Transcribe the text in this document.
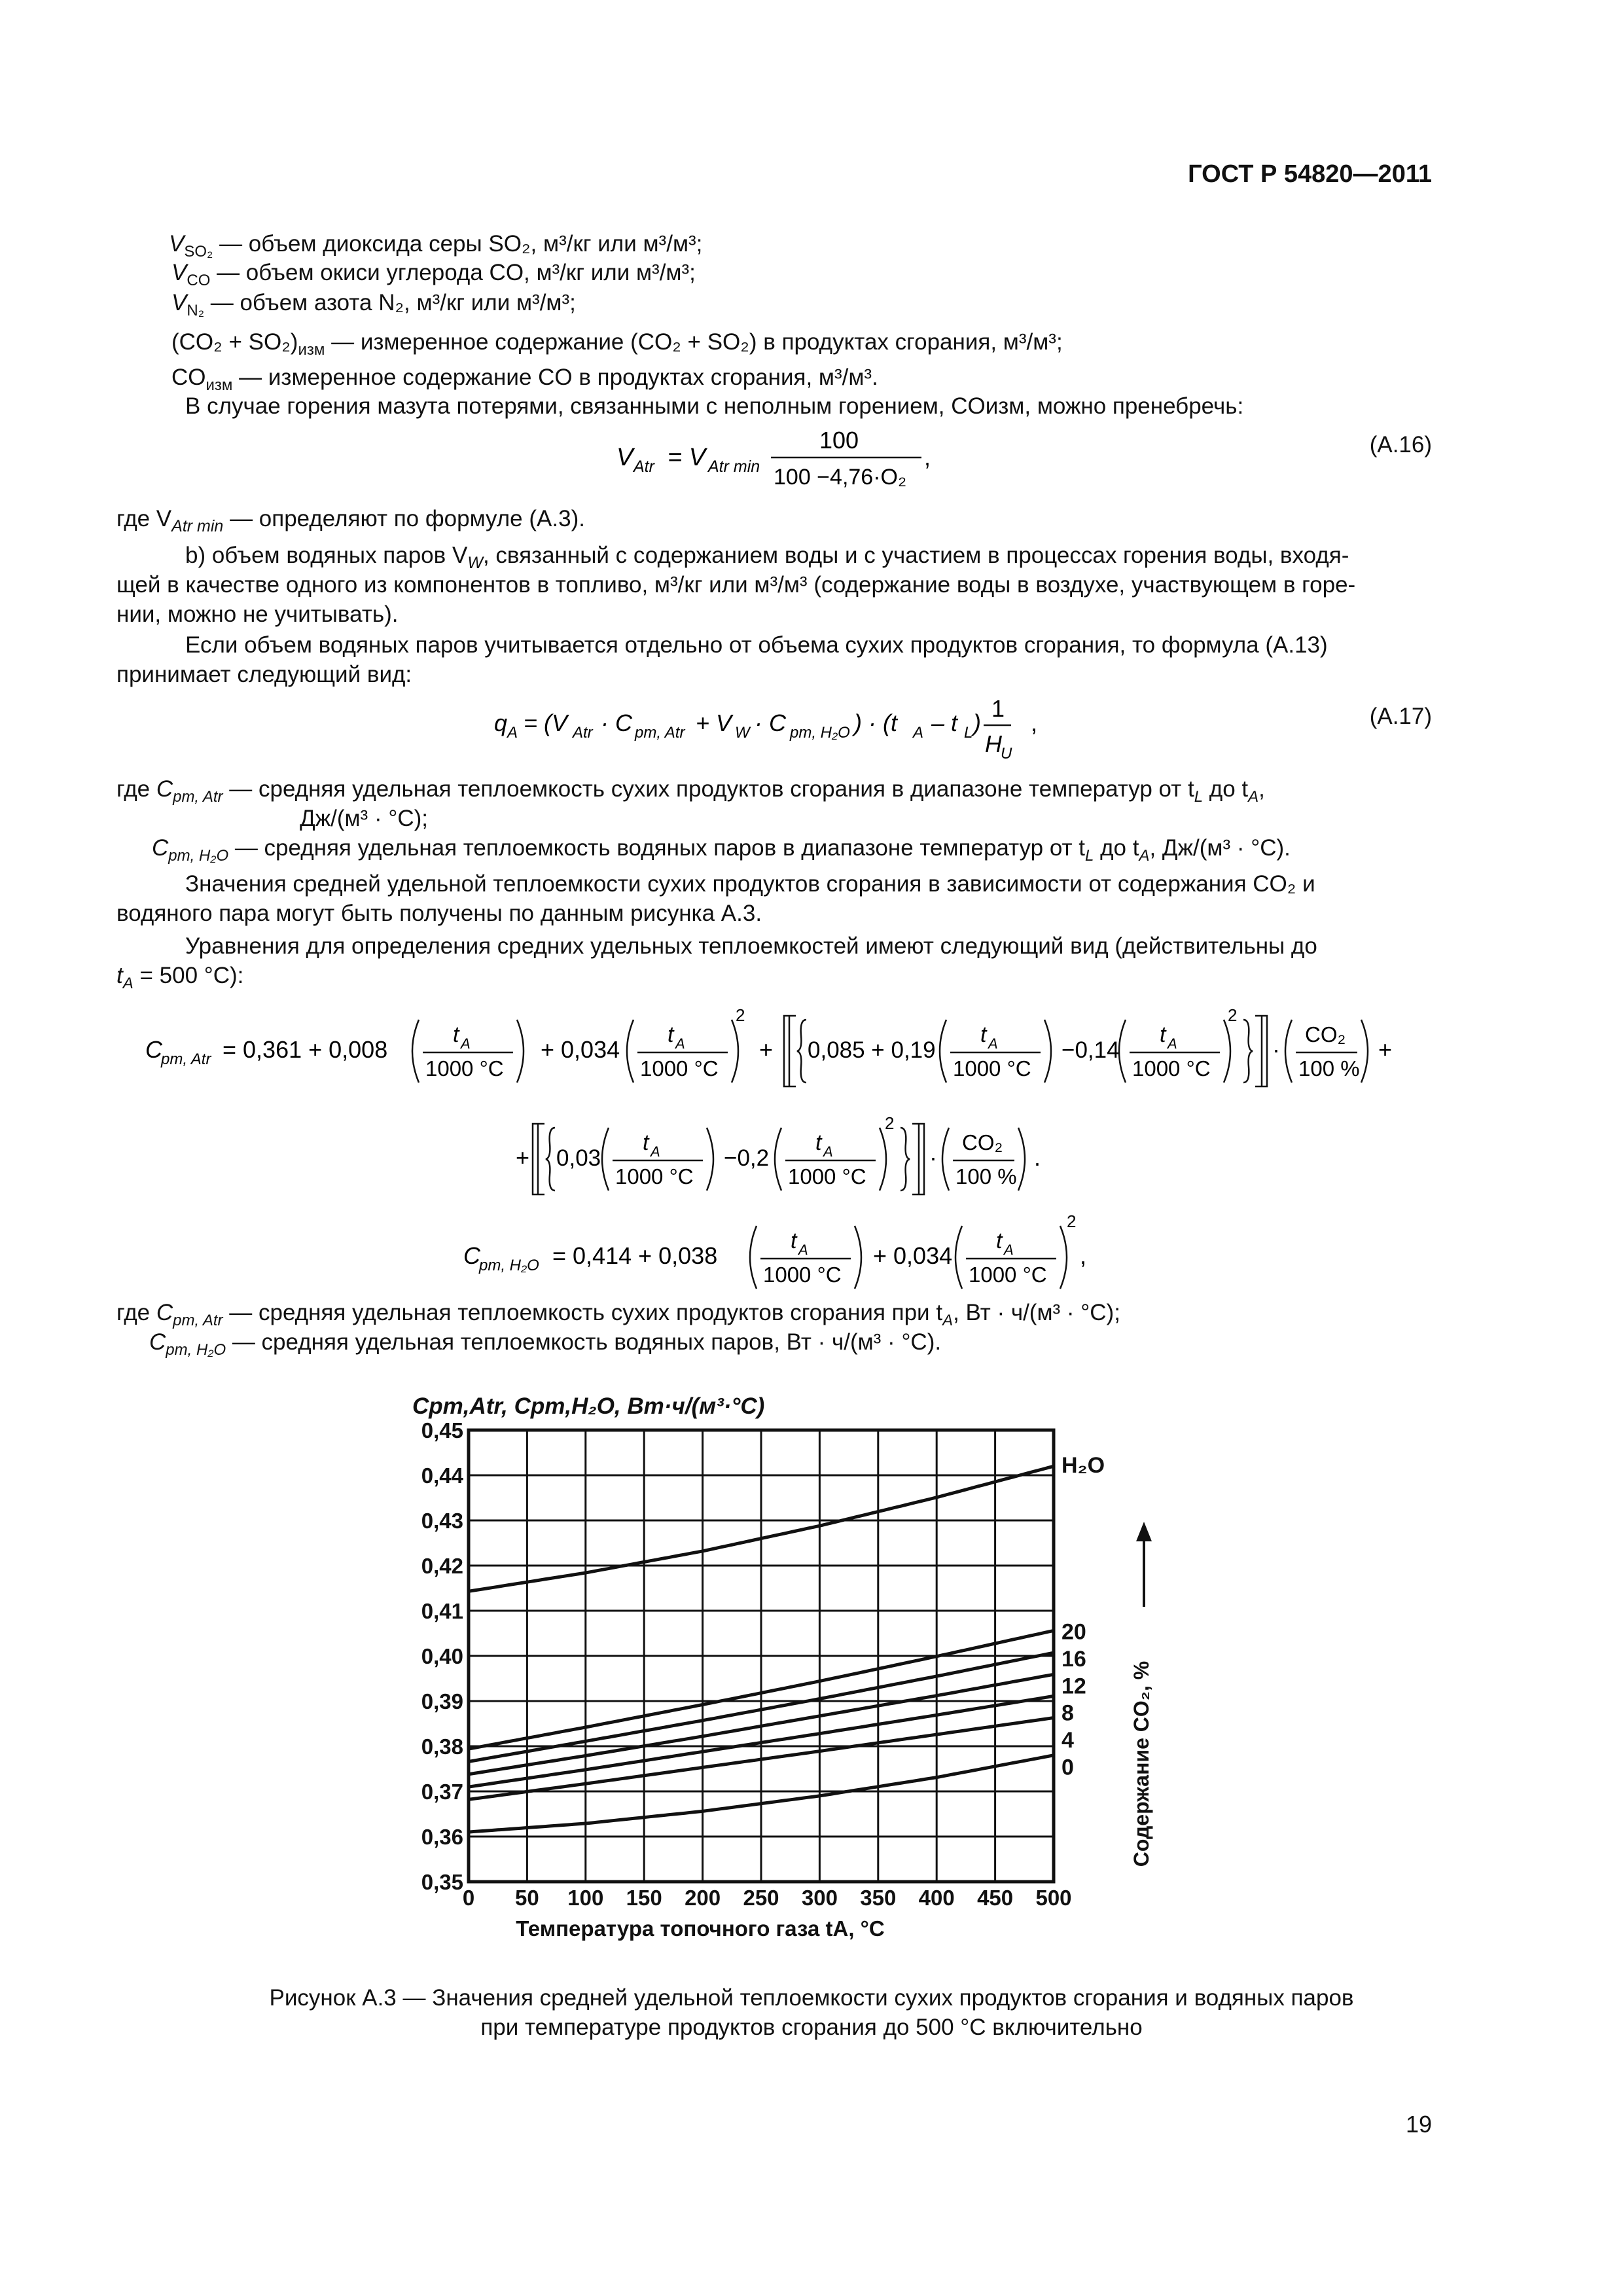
ГОСТ Р 54820—2011
$V_{SO_2}$ — объем диоксида серы SO₂, м³/кг или м³/м³;
$V_{CO}$ — объем окиси углерода CO, м³/кг или м³/м³;
$V_{N_2}$ — объем азота N₂, м³/кг или м³/м³;
$(CO_2 + SO_2)_{изм}$ — измеренное содержание (CO₂ + SO₂) в продуктах сгорания, м³/м³;
$CO_{изм}$ — измеренное содержание CO в продуктах сгорания, м³/м³.
В случае горения мазута потерями, связанными с неполным горением, COизм, можно пренебречь:
V Atr = V Atr min
100
100 −4,76·O₂
,	(А.16)
где $V_{Atr min}$ — определяют по формуле (А.3).
b) объем водяных паров $V_W$, связанный с содержанием воды и с участием в процессах горения воды, входя-
щей в качестве одного из компонентов в топливо, м³/кг или м³/м³ (содержание воды в воздухе, участвующем в горе-
нии, можно не учитывать).
Если объем водяных паров учитывается отдельно от объема сухих продуктов сгорания, то формула (А.13)
принимает следующий вид:
q A = (V Atr · C pm, Atr + V W · C pm, H₂O ) · (t A – t L )
1
H
U
,	(А.17)
где $C_{pm, Atr}$ — средняя удельная теплоемкость сухих продуктов сгорания в диапазоне температур от $t_L$ до $t_A$,
Дж/(м³ · °C);
$C_{pm, H_2O}$ — средняя удельная теплоемкость водяных паров в диапазоне температур от $t_L$ до $t_A$, Дж/(м³ · °C).
Значения средней удельной теплоемкости сухих продуктов сгорания в зависимости от содержания CO₂ и
водяного пара могут быть получены по данным рисунка А.3.
Уравнения для определения средних удельных теплоемкостей имеют следующий вид (действительны до
$t_A = 500$ °C):
C
pm, Atr = 0,361 + 0,008
t A
1000 °C
+ 0,034
t A
1000 °C
2
+ 0,085 + 0,19
t A
1000 °C
−0,14
t A
1000 °C
2
·
CO₂
100 %
+
+ 0,03
t A
1000 °C
−0,2
t A
1000 °C
2
·
CO₂
100 %
.
C
pm, H₂O = 0,414 + 0,038
t A
1000 °C
+ 0,034
t A
1000 °C
2
,
где $C_{pm, Atr}$ — средняя удельная теплоемкость сухих продуктов сгорания при $t_A$, Вт · ч/(м³ · °C);
$C_{pm, H_2O}$ — средняя удельная теплоемкость водяных паров, Вт · ч/(м³ · °C).
Cpm,Atr, Cpm,H₂O, Вт·ч/(м³·°C)
Температура топочного газа tA, °C
0 50 100 150 200 250 300 350 400 450 500
0,35
0,36
0,37
0,38
0,39
0,40
0,41
0,42
0,43
0,44
0,45
H₂O
20
16
12
8
4
0	Содержание CO₂, %
Рисунок А.3 — Значения средней удельной теплоемкости сухих продуктов сгорания и водяных паров
при температуре продуктов сгорания до 500 °C включительно
19
